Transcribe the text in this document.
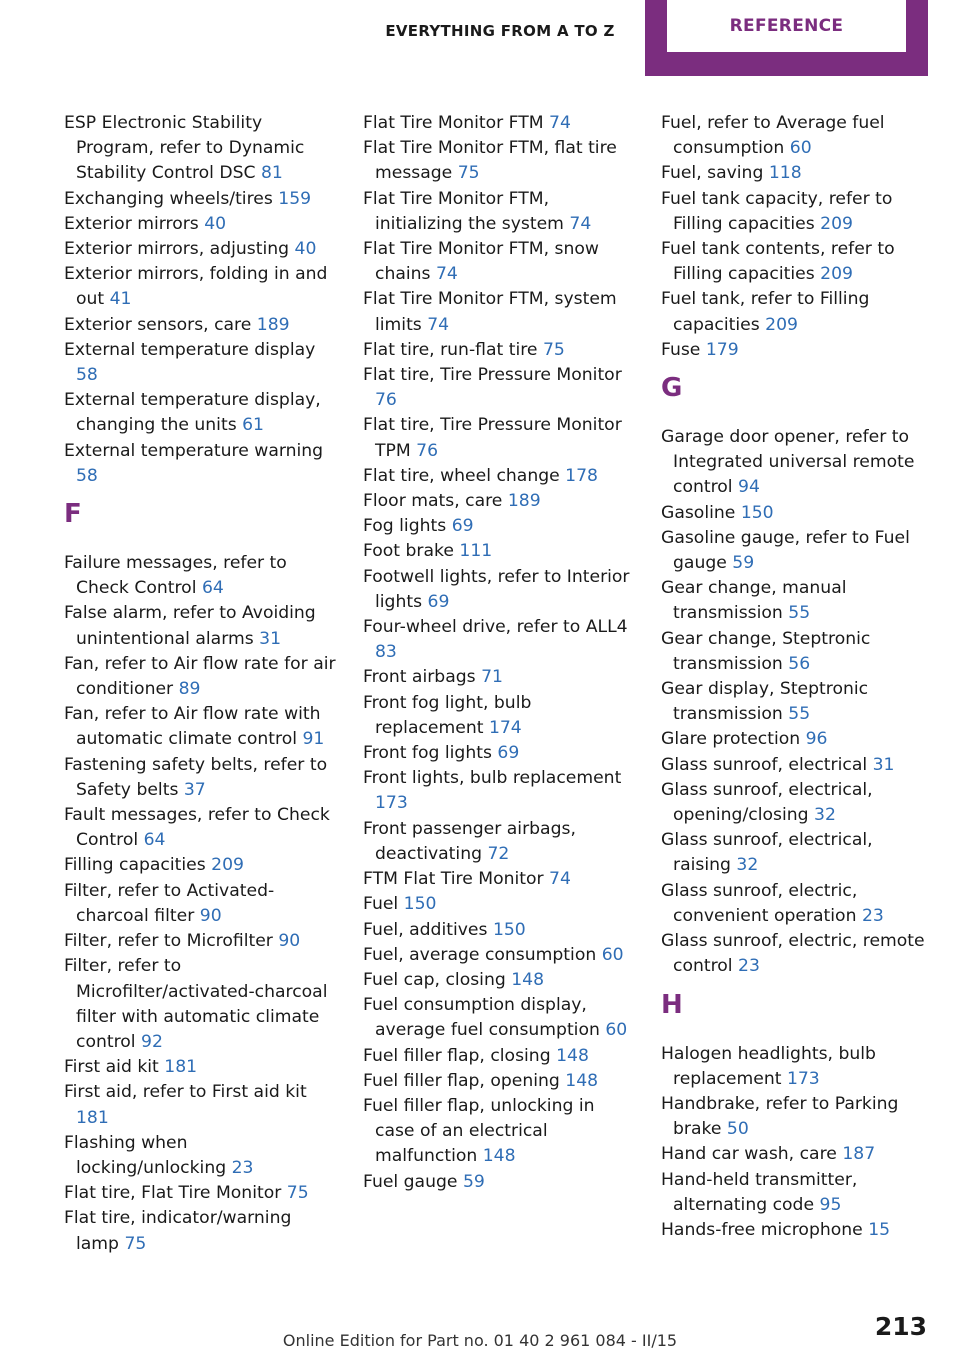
EVERYTHING FROM A TO Z	REFERENCE
ESP Electronic Stability Program, refer to Dynamic Stability Control DSC 81
Exchanging wheels/tires 159
Exterior mirrors 40
Exterior mirrors, adjusting 40
Exterior mirrors, folding in and out 41
Exterior sensors, care 189
External temperature display 58
External temperature display, changing the units 61
External temperature warning 58
F
Failure messages, refer to Check Control 64
False alarm, refer to Avoiding unintentional alarms 31
Fan, refer to Air flow rate for air conditioner 89
Fan, refer to Air flow rate with automatic climate control 91
Fastening safety belts, refer to Safety belts 37
Fault messages, refer to Check Control 64
Filling capacities 209
Filter, refer to Activated-charcoal filter 90
Filter, refer to Microfilter 90
Filter, refer to Microfilter/activated-charcoal filter with automatic climate control 92
First aid kit 181
First aid, refer to First aid kit 181
Flashing when locking/unlocking 23
Flat tire, Flat Tire Monitor 75
Flat tire, indicator/warning lamp 75
Flat Tire Monitor FTM 74
Flat Tire Monitor FTM, flat tire message 75
Flat Tire Monitor FTM, initializing the system 74
Flat Tire Monitor FTM, snow chains 74
Flat Tire Monitor FTM, system limits 74
Flat tire, run-flat tire 75
Flat tire, Tire Pressure Monitor 76
Flat tire, Tire Pressure Monitor TPM 76
Flat tire, wheel change 178
Floor mats, care 189
Fog lights 69
Foot brake 111
Footwell lights, refer to Interior lights 69
Four-wheel drive, refer to ALL4 83
Front airbags 71
Front fog light, bulb replacement 174
Front fog lights 69
Front lights, bulb replacement 173
Front passenger airbags, deactivating 72
FTM Flat Tire Monitor 74
Fuel 150
Fuel, additives 150
Fuel, average consumption 60
Fuel cap, closing 148
Fuel consumption display, average fuel consumption 60
Fuel filler flap, closing 148
Fuel filler flap, opening 148
Fuel filler flap, unlocking in case of an electrical malfunction 148
Fuel gauge 59
Fuel, refer to Average fuel consumption 60
Fuel, saving 118
Fuel tank capacity, refer to Filling capacities 209
Fuel tank contents, refer to Filling capacities 209
Fuel tank, refer to Filling capacities 209
Fuse 179
G
Garage door opener, refer to Integrated universal remote control 94
Gasoline 150
Gasoline gauge, refer to Fuel gauge 59
Gear change, manual transmission 55
Gear change, Steptronic transmission 56
Gear display, Steptronic transmission 55
Glare protection 96
Glass sunroof, electrical 31
Glass sunroof, electrical, opening/closing 32
Glass sunroof, electrical, raising 32
Glass sunroof, electric, convenient operation 23
Glass sunroof, electric, remote control 23
H
Halogen headlights, bulb replacement 173
Handbrake, refer to Parking brake 50
Hand car wash, care 187
Hand-held transmitter, alternating code 95
Hands-free microphone 15
213
Online Edition for Part no. 01 40 2 961 084 - II/15
